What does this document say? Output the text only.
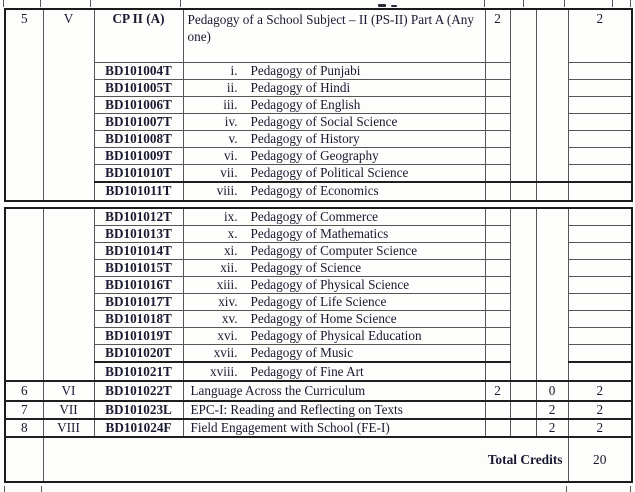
5	V	CP II (A)	Pedagogy of a School Subject – II (PS-II) Part A (Any one)	2			2
		BD101004T	i. Pedagogy of Punjabi				
		BD101005T	ii. Pedagogy of Hindi				
		BD101006T	iii. Pedagogy of English				
		BD101007T	iv. Pedagogy of Social Science				
		BD101008T	v. Pedagogy of History				
		BD101009T	vi. Pedagogy of Geography				
		BD101010T	vii. Pedagogy of Political Science				
		BD101011T	viii. Pedagogy of Economics				
		BD101012T	ix. Pedagogy of Commerce				
		BD101013T	x. Pedagogy of Mathematics				
		BD101014T	xi. Pedagogy of Computer Science				
		BD101015T	xii. Pedagogy of Science				
		BD101016T	xiii. Pedagogy of Physical Science				
		BD101017T	xiv. Pedagogy of Life Science				
		BD101018T	xv. Pedagogy of Home Science				
		BD101019T	xvi. Pedagogy of Physical Education				
		BD101020T	xvii. Pedagogy of Music				
		BD101021T	xviii. Pedagogy of Fine Art				
6	VI	BD101022T	Language Across the Curriculum	2		0	2
7	VII	BD101023L	EPC-I: Reading and Reflecting on Texts			2	2
8	VIII	BD101024F	Field Engagement with School (FE-I)			2	2
	Total Credits						20
